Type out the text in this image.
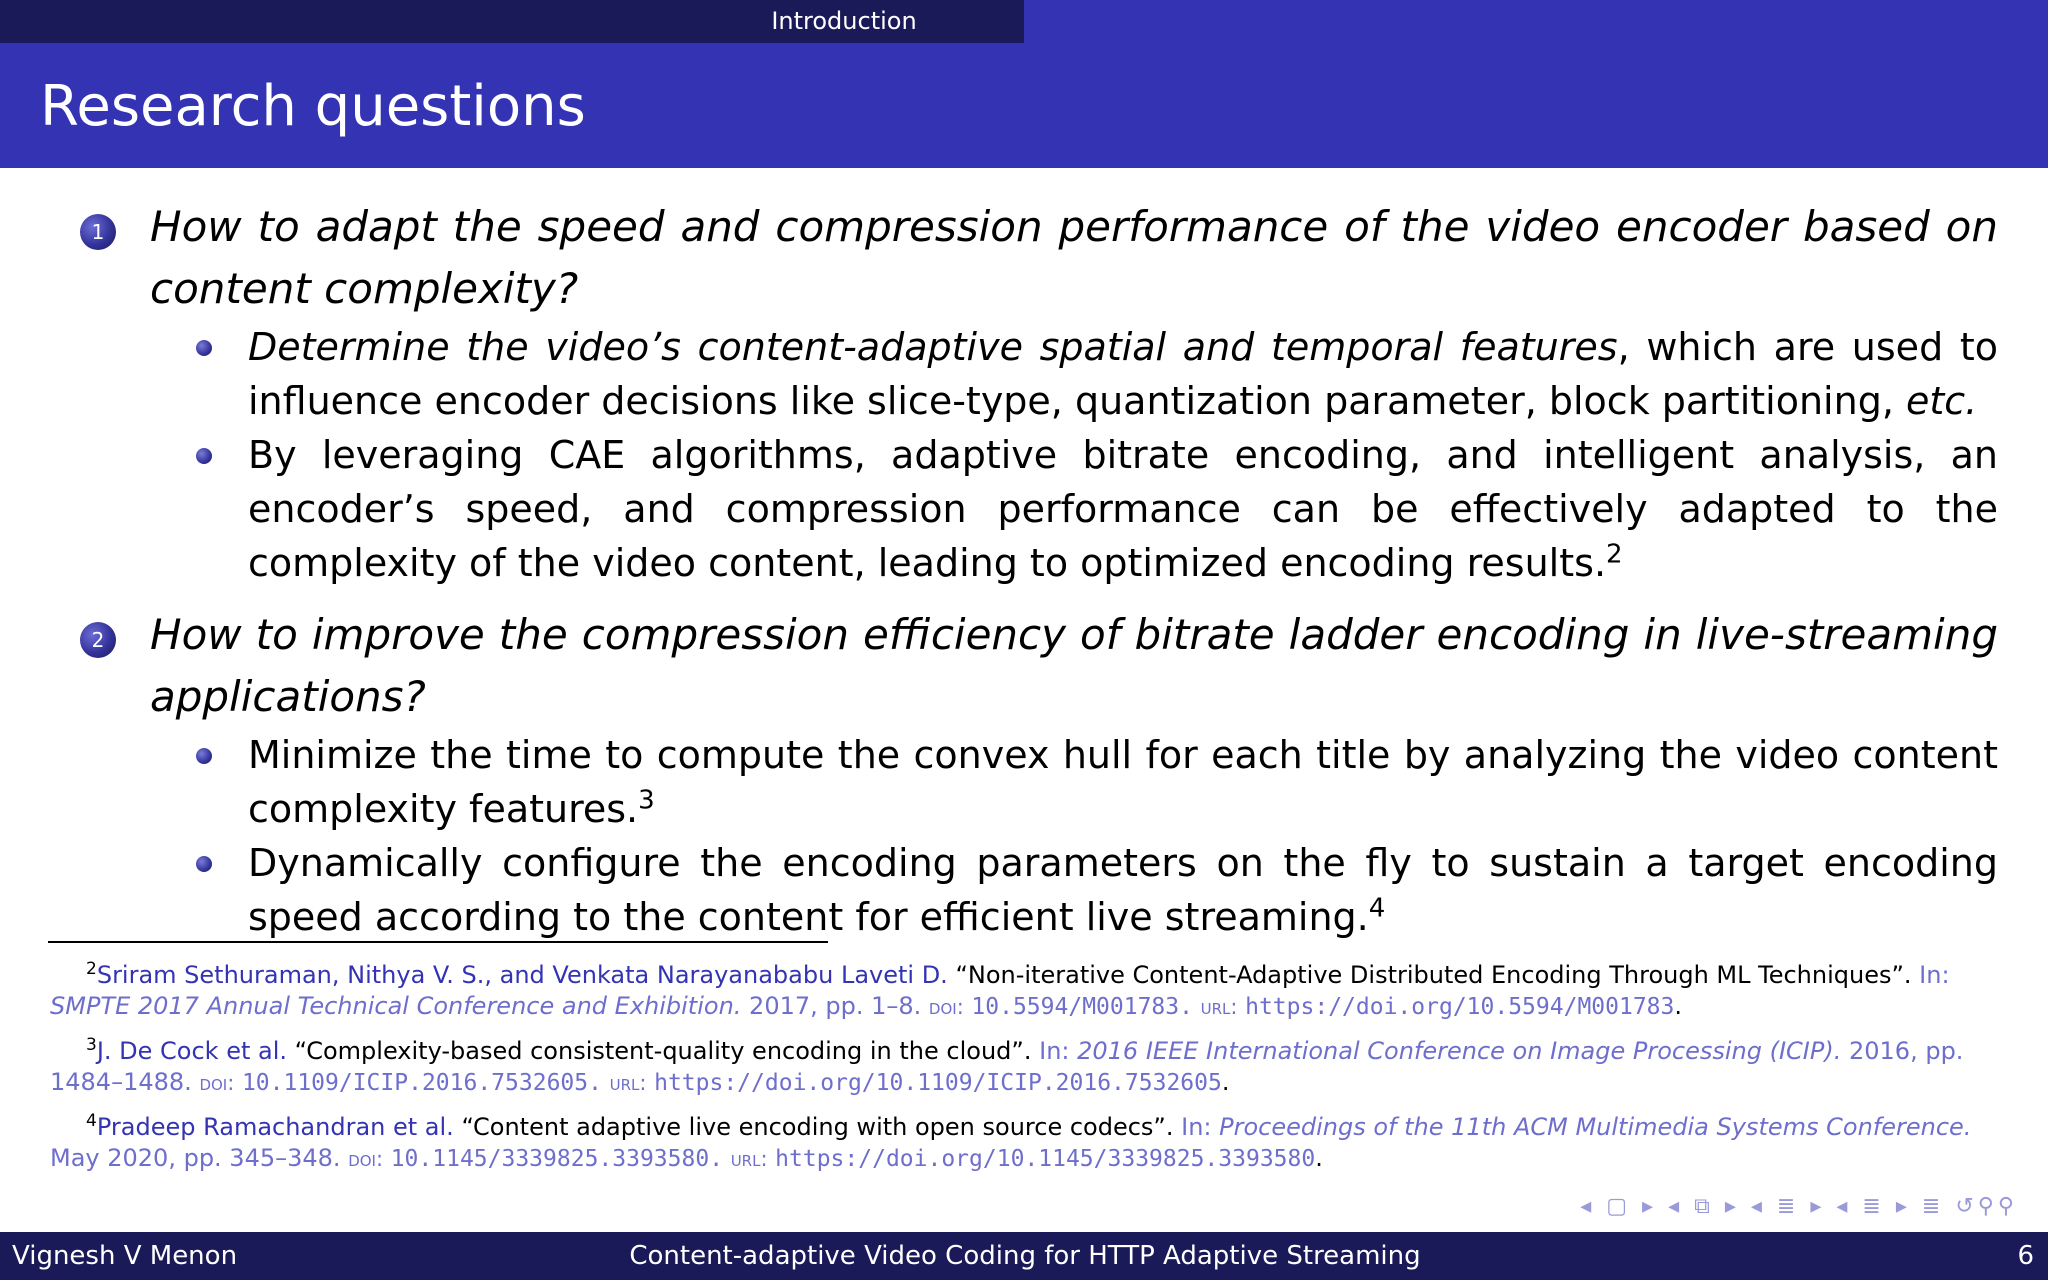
Introduction
Research questions
1 How to adapt the speed and compression performance of the video encoder based on content complexity?
Determine the video’s content-adaptive spatial and temporal features, which are used to influence encoder decisions like slice-type, quantization parameter, block partitioning, etc.
By leveraging CAE algorithms, adaptive bitrate encoding, and intelligent analysis, an encoder’s speed, and compression performance can be effectively adapted to the complexity of the video content, leading to optimized encoding results.$^2$
2 How to improve the compression efficiency of bitrate ladder encoding in live-streaming applications?
Minimize the time to compute the convex hull for each title by analyzing the video content complexity features.$^3$
Dynamically configure the encoding parameters on the fly to sustain a target encoding speed according to the content for efficient live streaming.$^4$
$^2$Sriram Sethuraman, Nithya V. S., and Venkata Narayanababu Laveti D. “Non-iterative Content-Adaptive Distributed Encoding Through ML Techniques”. In: SMPTE 2017 Annual Technical Conference and Exhibition. 2017, pp. 1–8. doi: 10.5594/M001783. url: https://doi.org/10.5594/M001783.
$^3$J. De Cock et al. “Complexity-based consistent-quality encoding in the cloud”. In: 2016 IEEE International Conference on Image Processing (ICIP). 2016, pp. 1484–1488. doi: 10.1109/ICIP.2016.7532605. url: https://doi.org/10.1109/ICIP.2016.7532605.
$^4$Pradeep Ramachandran et al. “Content adaptive live encoding with open source codecs”. In: Proceedings of the 11th ACM Multimedia Systems Conference. May 2020, pp. 345–348. doi: 10.1145/3339825.3393580. url: https://doi.org/10.1145/3339825.3393580.
◂ ▢ ▸ ◂ ⧉ ▸ ◂ ≣ ▸ ◂ ≣ ▸ ≣ ↺⚲⚲
Vignesh V Menon	Content-adaptive Video Coding for HTTP Adaptive Streaming	6
